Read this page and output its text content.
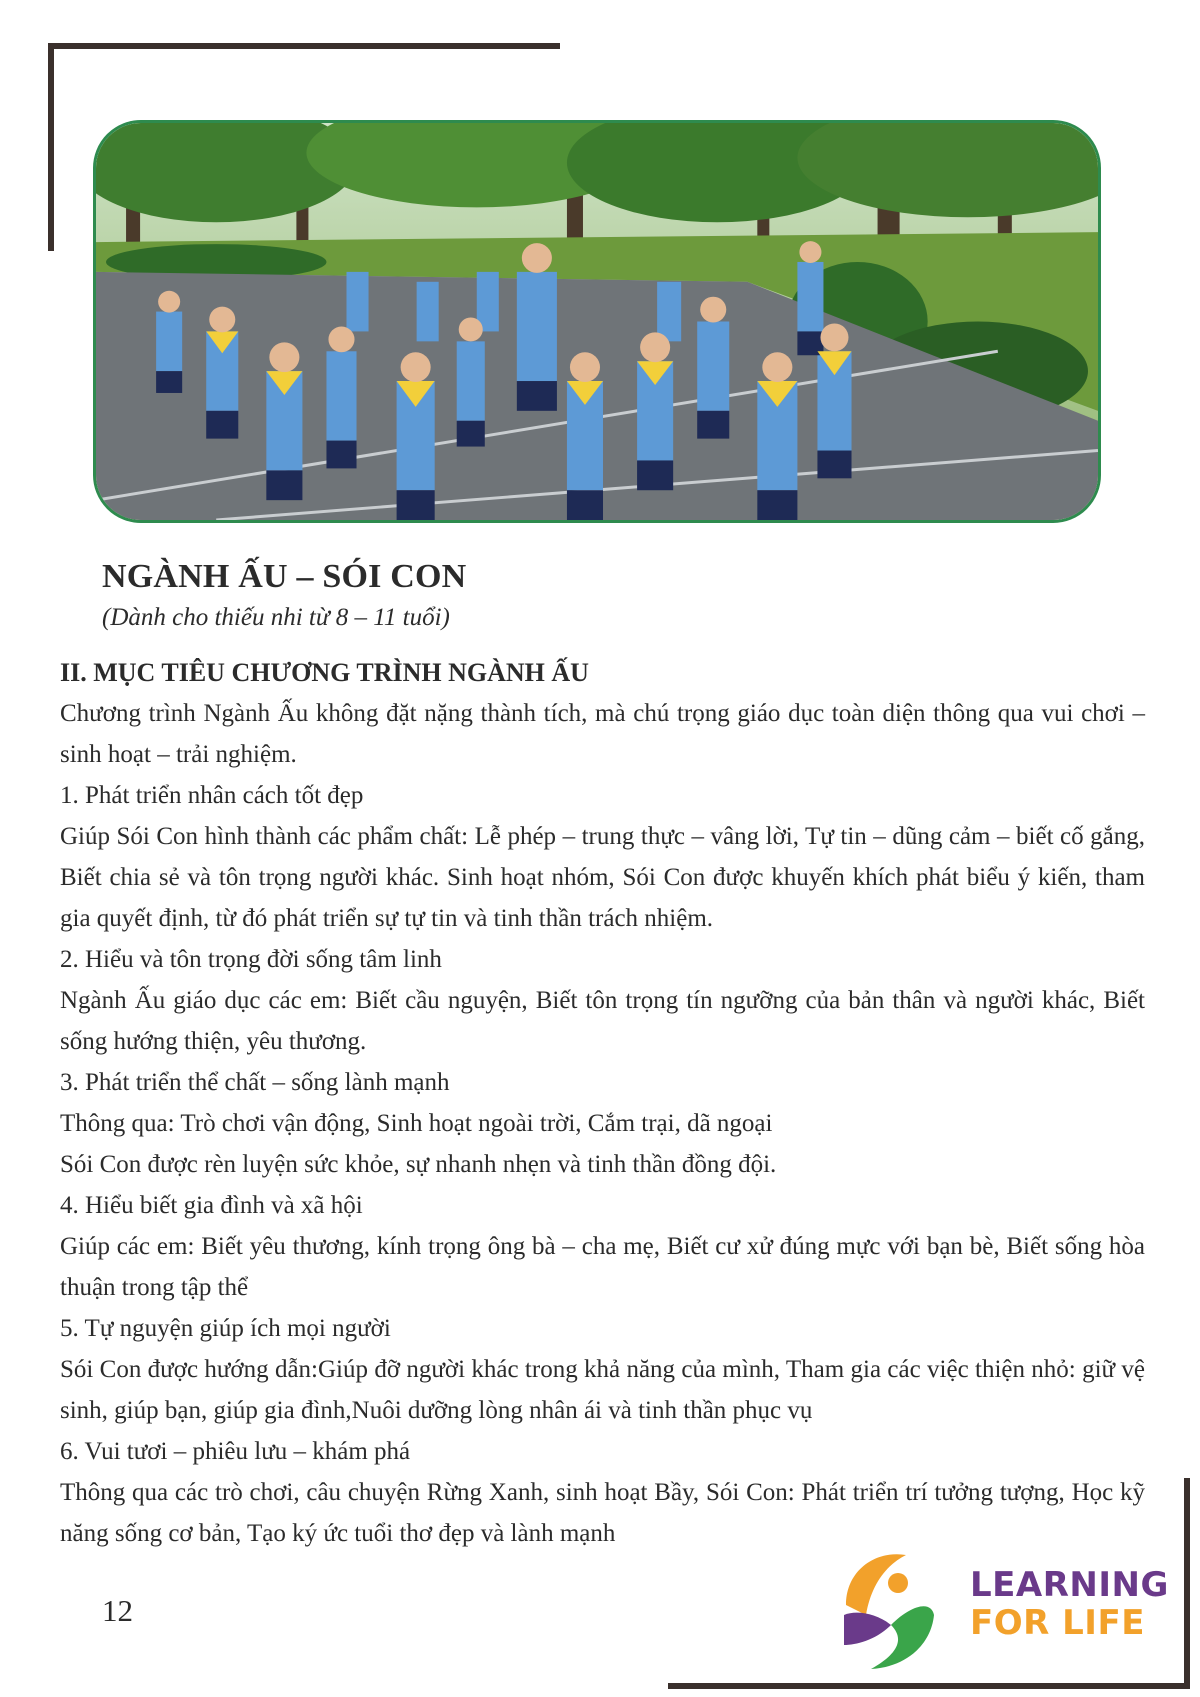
NGÀNH ẤU – SÓI CON
(Dành cho thiếu nhi từ 8 – 11 tuổi)

II. MỤC TIÊU CHƯƠNG TRÌNH NGÀNH ẤU

Chương trình Ngành Ấu không đặt nặng thành tích, mà chú trọng giáo dục toàn diện thông qua vui chơi – sinh hoạt – trải nghiệm.

1. Phát triển nhân cách tốt đẹp

Giúp Sói Con hình thành các phẩm chất: Lễ phép – trung thực – vâng lời, Tự tin – dũng cảm – biết cố gắng, Biết chia sẻ và tôn trọng người khác. Sinh hoạt nhóm, Sói Con được khuyến khích phát biểu ý kiến, tham gia quyết định, từ đó phát triển sự tự tin và tinh thần trách nhiệm.

2. Hiểu và tôn trọng đời sống tâm linh

Ngành Ấu giáo dục các em: Biết cầu nguyện, Biết tôn trọng tín ngưỡng của bản thân và người khác, Biết sống hướng thiện, yêu thương.

3. Phát triển thể chất – sống lành mạnh

Thông qua: Trò chơi vận động, Sinh hoạt ngoài trời, Cắm trại, dã ngoại

Sói Con được rèn luyện sức khỏe, sự nhanh nhẹn và tinh thần đồng đội.

4. Hiểu biết gia đình và xã hội

Giúp các em: Biết yêu thương, kính trọng ông bà – cha mẹ, Biết cư xử đúng mực với bạn bè, Biết sống hòa thuận trong tập thể

5. Tự nguyện giúp ích mọi người

Sói Con được hướng dẫn:Giúp đỡ người khác trong khả năng của mình, Tham gia các việc thiện nhỏ: giữ vệ sinh, giúp bạn, giúp gia đình,Nuôi dưỡng lòng nhân ái và tinh thần phục vụ

6. Vui tươi – phiêu lưu – khám phá

Thông qua các trò chơi, câu chuyện Rừng Xanh, sinh hoạt Bầy, Sói Con: Phát triển trí tưởng tượng, Học kỹ năng sống cơ bản, Tạo ký ức tuổi thơ đẹp và lành mạnh

12
LEARNING
FOR LIFE
